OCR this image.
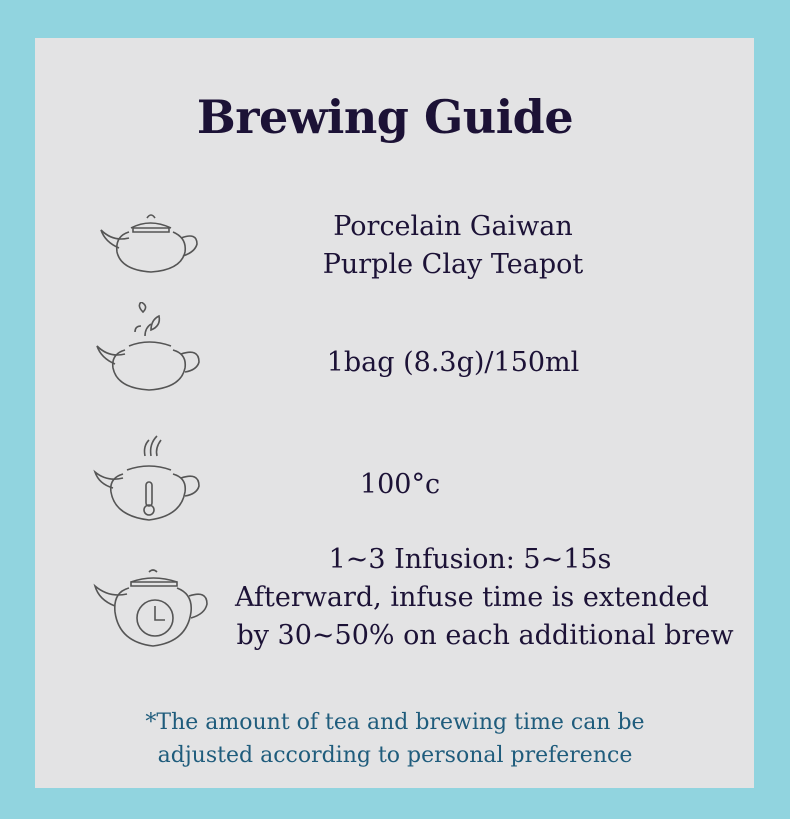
Brewing Guide
Porcelain Gaiwan
Purple Clay Teapot
1bag (8.3g)/150ml
100°c
1~3 Infusion: 5~15s
Afterward, infuse time is extended
by 30~50% on each additional brew
*The amount of tea and brewing time can be
adjusted according to personal preference
